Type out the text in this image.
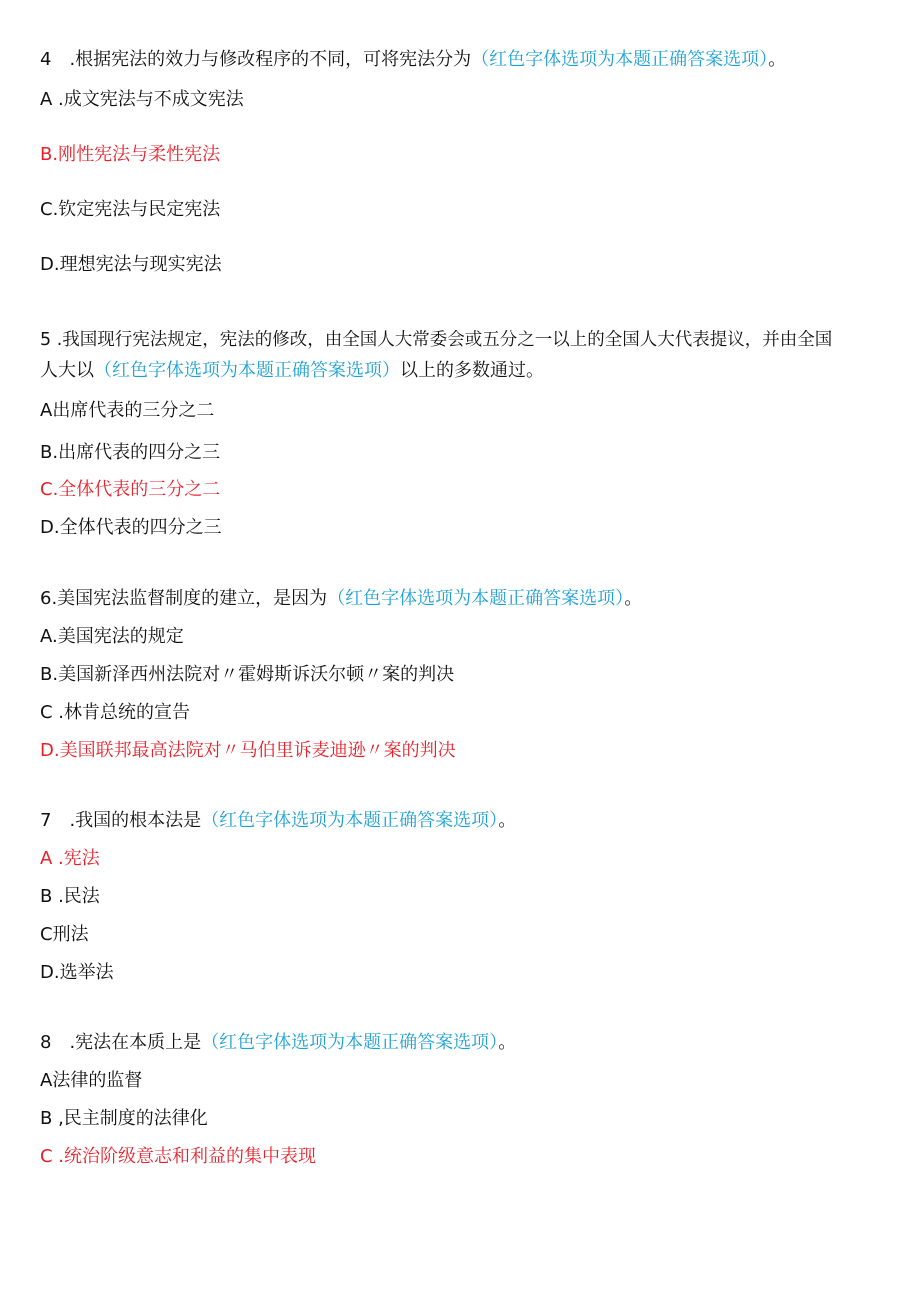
4　.根据宪法的效力与修改程序的不同，可将宪法分为（红色字体选项为本题正确答案选项）。
A .成文宪法与不成文宪法
B.刚性宪法与柔性宪法
C.钦定宪法与民定宪法
D.理想宪法与现实宪法
5 .我国现行宪法规定，宪法的修改，由全国人大常委会或五分之一以上的全国人大代表提议，并由全国
人大以（红色字体选项为本题正确答案选项）以上的多数通过。
A出席代表的三分之二
B.出席代表的四分之三
C.全体代表的三分之二
D.全体代表的四分之三
6.美国宪法监督制度的建立，是因为（红色字体选项为本题正确答案选项）。
A.美国宪法的规定
B.美国新泽西州法院对〃霍姆斯诉沃尔顿〃案的判决
C .林肯总统的宣告
D.美国联邦最高法院对〃马伯里诉麦迪逊〃案的判决
7　.我国的根本法是（红色字体选项为本题正确答案选项）。
A .宪法
B .民法
C刑法
D.选举法
8　.宪法在本质上是（红色字体选项为本题正确答案选项）。
A法律的监督
B ,民主制度的法律化
C .统治阶级意志和利益的集中表现
